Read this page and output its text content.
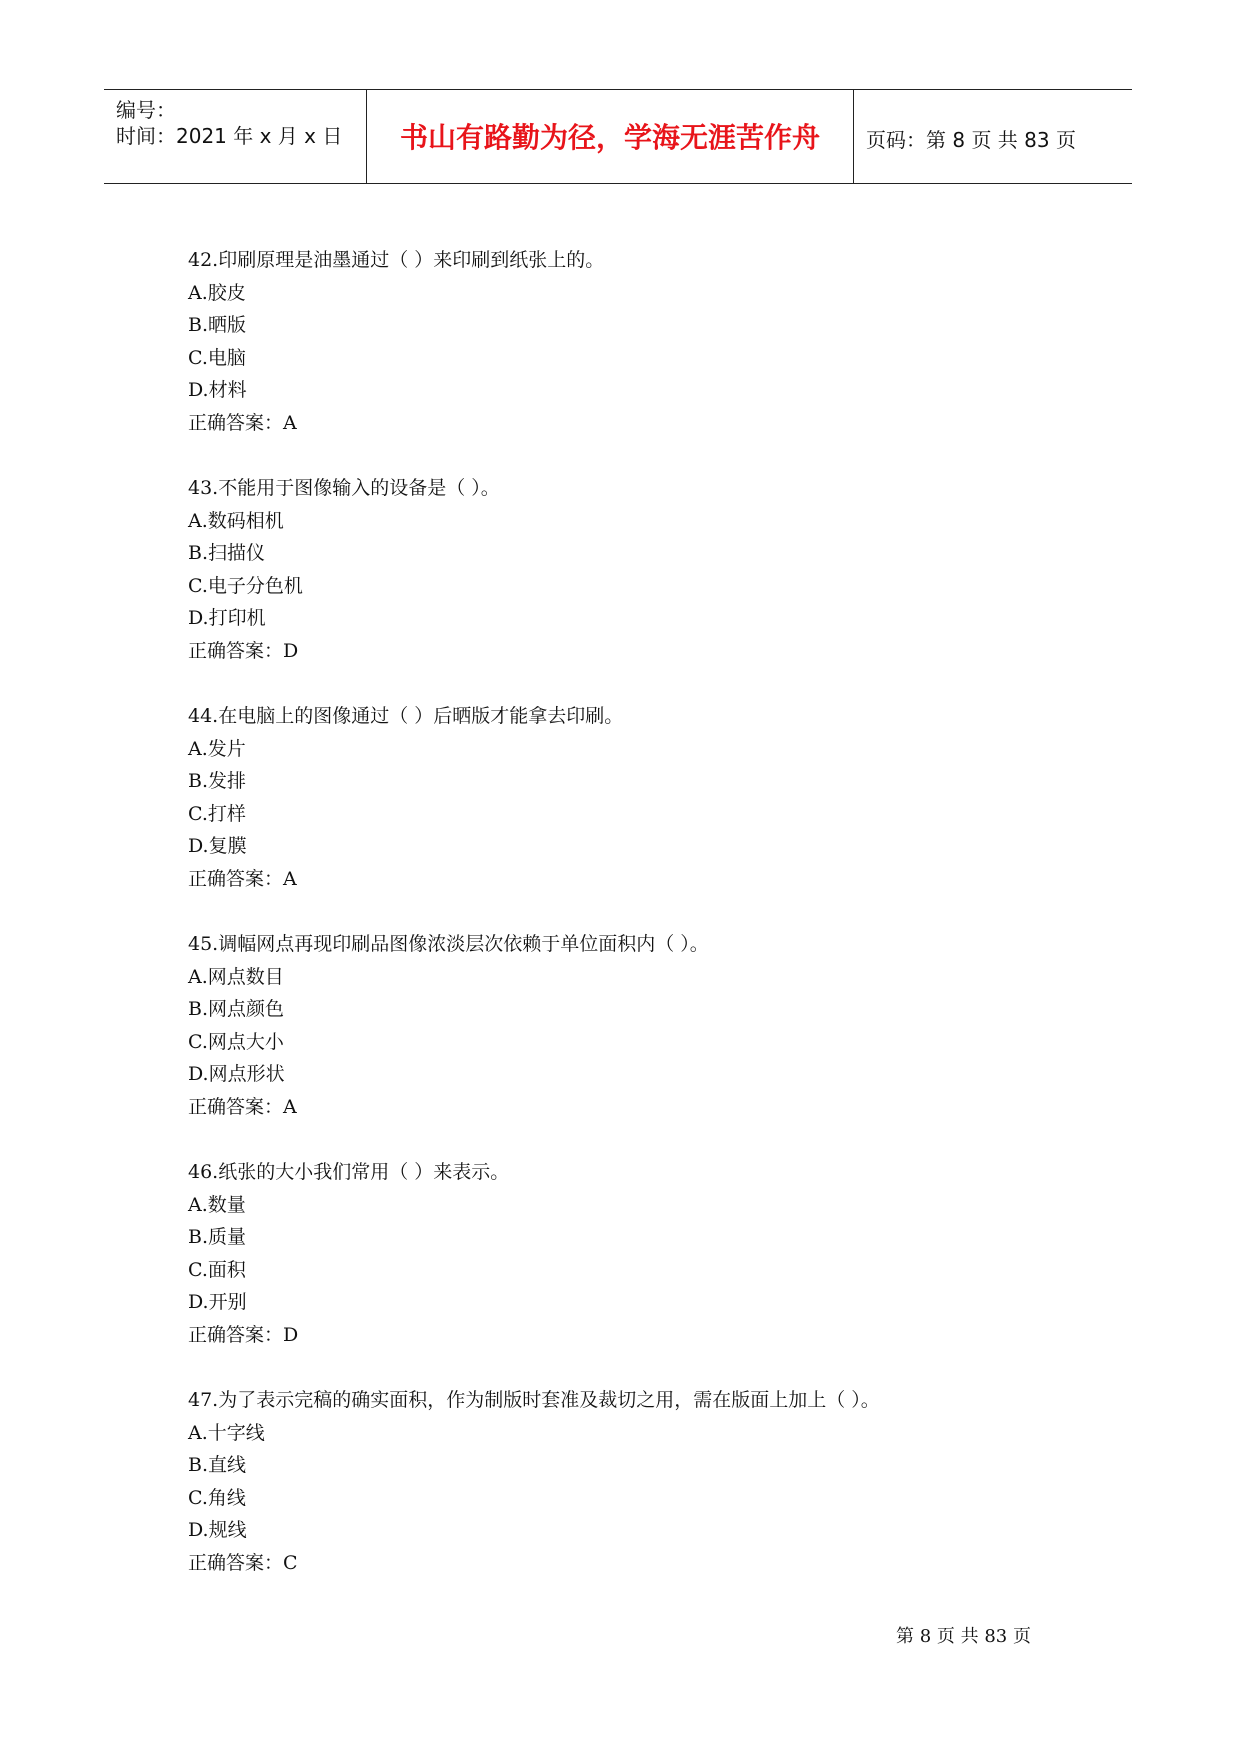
编号：
时间：2021 年 x 月 x 日	书山有路勤为径，学海无涯苦作舟	页码：第 8 页 共 83 页
42.印刷原理是油墨通过（ ）来印刷到纸张上的。
A.胶皮
B.晒版
C.电脑
D.材料
正确答案：A
43.不能用于图像输入的设备是（ ）。
A.数码相机
B.扫描仪
C.电子分色机
D.打印机
正确答案：D
44.在电脑上的图像通过（ ）后晒版才能拿去印刷。
A.发片
B.发排
C.打样
D.复膜
正确答案：A
45.调幅网点再现印刷品图像浓淡层次依赖于单位面积内（ ）。
A.网点数目
B.网点颜色
C.网点大小
D.网点形状
正确答案：A
46.纸张的大小我们常用（ ）来表示。
A.数量
B.质量
C.面积
D.开别
正确答案：D
47.为了表示完稿的确实面积，作为制版时套准及裁切之用，需在版面上加上（ ）。
A.十字线
B.直线
C.角线
D.规线
正确答案：C
第 8 页 共 83 页
